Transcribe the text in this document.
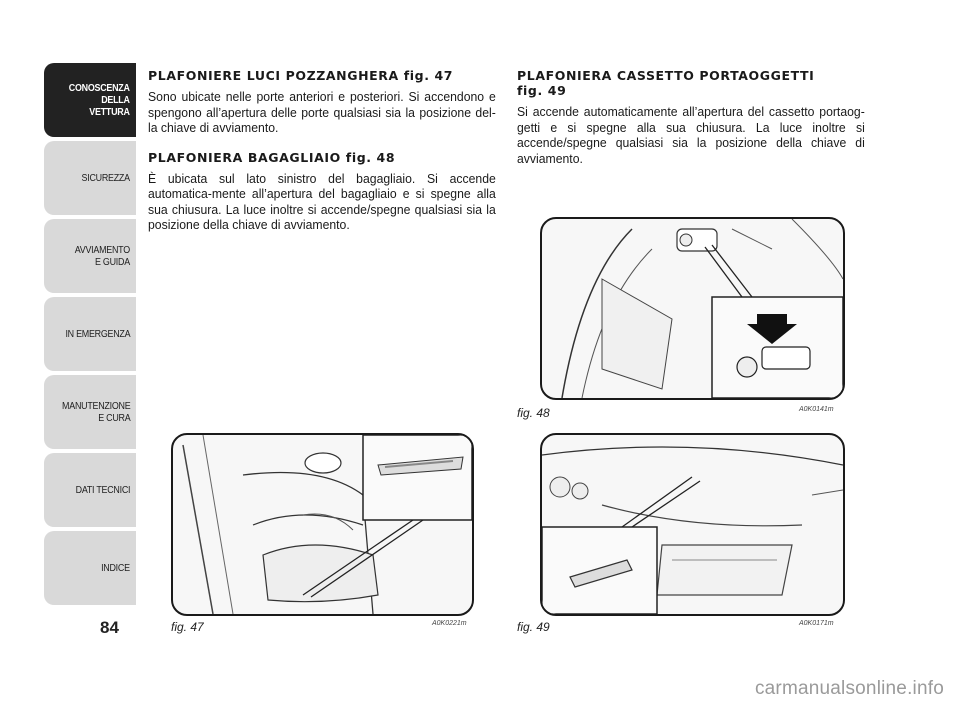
CONOSCENZA
DELLA
VETTURA
SICUREZZA
AVVIAMENTO
E GUIDA
IN EMERGENZA
MANUTENZIONE
E CURA
DATI TECNICI
INDICE
84

PLAFONIERE LUCI POZZANGHERA fig. 47

Sono ubicate nelle porte anteriori e posteriori. Si accendono e spengono all’apertura delle porte qualsiasi sia la posizione del-la chiave di avviamento.

PLAFONIERA BAGAGLIAIO fig. 48

È ubicata sul lato sinistro del bagagliaio. Si accende automatica-mente all’apertura del bagagliaio e si spegne alla sua chiusura. La luce inoltre si accende/spegne qualsiasi sia la posizione della chiave di avviamento.

PLAFONIERA CASSETTO PORTAOGGETTI
fig. 49

Si accende automaticamente all’apertura del cassetto portaog-getti e si spegne alla sua chiusura. La luce inoltre si accende/spegne qualsiasi sia la posizione della chiave di avviamento.

fig. 47	A0K0221m
fig. 48	A0K0141m
fig. 49	A0K0171m
carmanualsonline.info
